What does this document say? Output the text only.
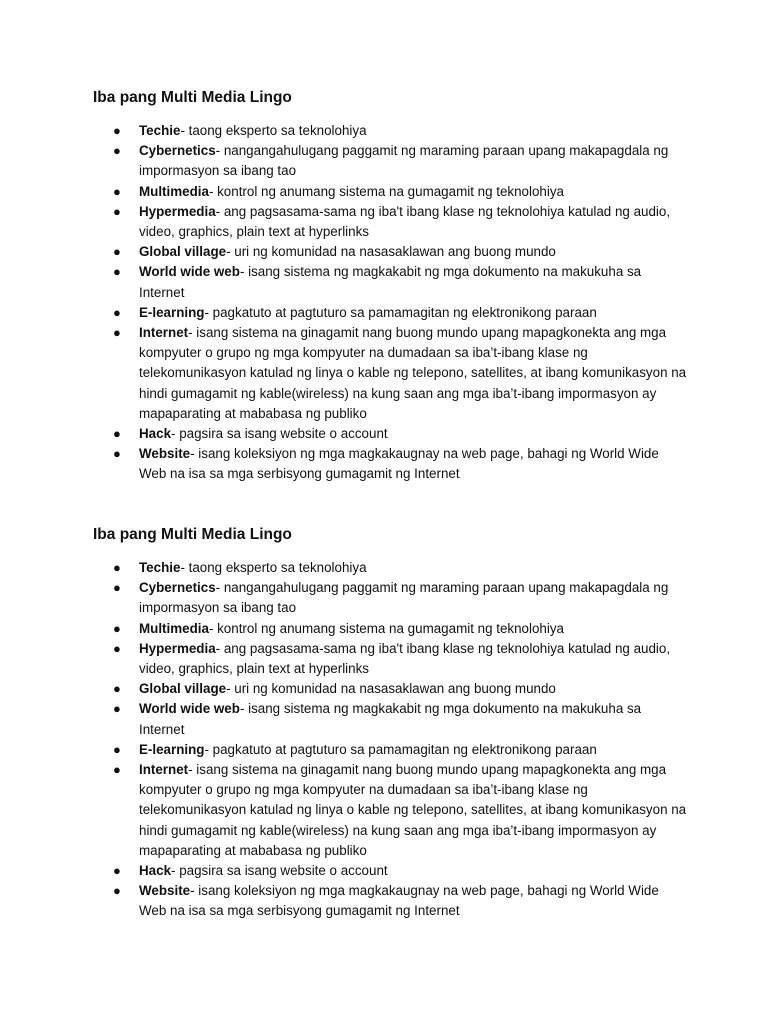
Iba pang Multi Media Lingo
● Techie- taong eksperto sa teknolohiya
● Cybernetics- nangangahulugang paggamit ng maraming paraan upang makapagdala ng impormasyon sa ibang tao
● Multimedia- kontrol ng anumang sistema na gumagamit ng teknolohiya
● Hypermedia- ang pagsasama-sama ng iba't ibang klase ng teknolohiya katulad ng audio, video, graphics, plain text at hyperlinks
● Global village- uri ng komunidad na nasasaklawan ang buong mundo
● World wide web- isang sistema ng magkakabit ng mga dokumento na makukuha sa Internet
● E-learning- pagkatuto at pagtuturo sa pamamagitan ng elektronikong paraan
● Internet- isang sistema na ginagamit nang buong mundo upang mapagkonekta ang mga kompyuter o grupo ng mga kompyuter na dumadaan sa iba’t-ibang klase ng telekomunikasyon katulad ng linya o kable ng telepono, satellites, at ibang komunikasyon na hindi gumagamit ng kable(wireless) na kung saan ang mga iba’t-ibang impormasyon ay mapaparating at mababasa ng publiko
● Hack- pagsira sa isang website o account
● Website- isang koleksiyon ng mga magkakaugnay na web page, bahagi ng World Wide Web na isa sa mga serbisyong gumagamit ng Internet
Iba pang Multi Media Lingo
● Techie- taong eksperto sa teknolohiya
● Cybernetics- nangangahulugang paggamit ng maraming paraan upang makapagdala ng impormasyon sa ibang tao
● Multimedia- kontrol ng anumang sistema na gumagamit ng teknolohiya
● Hypermedia- ang pagsasama-sama ng iba't ibang klase ng teknolohiya katulad ng audio, video, graphics, plain text at hyperlinks
● Global village- uri ng komunidad na nasasaklawan ang buong mundo
● World wide web- isang sistema ng magkakabit ng mga dokumento na makukuha sa Internet
● E-learning- pagkatuto at pagtuturo sa pamamagitan ng elektronikong paraan
● Internet- isang sistema na ginagamit nang buong mundo upang mapagkonekta ang mga kompyuter o grupo ng mga kompyuter na dumadaan sa iba’t-ibang klase ng telekomunikasyon katulad ng linya o kable ng telepono, satellites, at ibang komunikasyon na hindi gumagamit ng kable(wireless) na kung saan ang mga iba’t-ibang impormasyon ay mapaparating at mababasa ng publiko
● Hack- pagsira sa isang website o account
● Website- isang koleksiyon ng mga magkakaugnay na web page, bahagi ng World Wide Web na isa sa mga serbisyong gumagamit ng Internet
